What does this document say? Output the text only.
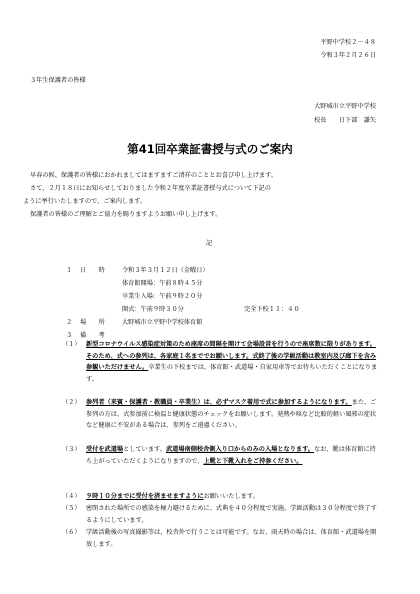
平野中学校２－４８
令和３年２月２６日
３年生保護者の皆様
大野城市立平野中学校
校長　　日下部　謙矢
第41回卒業証書授与式のご案内
早春の候、保護者の皆様におかれましてはますますご清祥のこととお喜び申し上げます。
さて、２月１８日にお知らせしておりました令和２年度卒業証書授与式について下記の
ように挙行いたしますので、ご案内します。
保護者の皆様のご理解とご協力を賜りますようお願い申し上げます。
記
１ 日　　時	令和３年３月１２日（金曜日）
体育館開場：午前８時４５分
卒業生入場：午前９時２０分
開式：午前９時３０分	完全下校１１：４０
２ 場　　所	大野城市立平野中学校体育館
３ 備　　考
（１） 新型コロナウイルス感染症対策のため座席の間隔を開けて会場設営を行うので座席数に限りがあります。そのため、式への参列は、各家庭１名まででお願いします。式終了後の学級活動は教室内及び廊下を含み参観いただけません。卒業生の下校までは、体育館・武道場・自家用車等でお待ちいただくことになります。
（２） 参列者（来賓・保護者・教職員・卒業生）は、必ずマスク着用で式に参加するようになります。また、ご参列の方は、式参加前に検温と健康状態のチェックをお願いします。発熱や咳など比較的軽い風邪の症状など健康に不安がある場合は、参列をご遠慮ください。
（３） 受付を武道場としています。武道場南側校舎側入り口からのみの入場となります。なお、靴は体育館に持ち上がっていただくようになりますので、上靴と下靴入れをご持参ください。
（４） ９時１０分までに受付を済ませますようにお願いいたします。
（５） 密閉された場所での感染を極力避けるために、式典を４０分程度で実施。学級活動は３０分程度で終了するようにしています。
（６） 学級活動後の写真撮影等は、校舎外で行うことは可能です。なお、雨天時の場合は、体育館・武道場を開放します。
